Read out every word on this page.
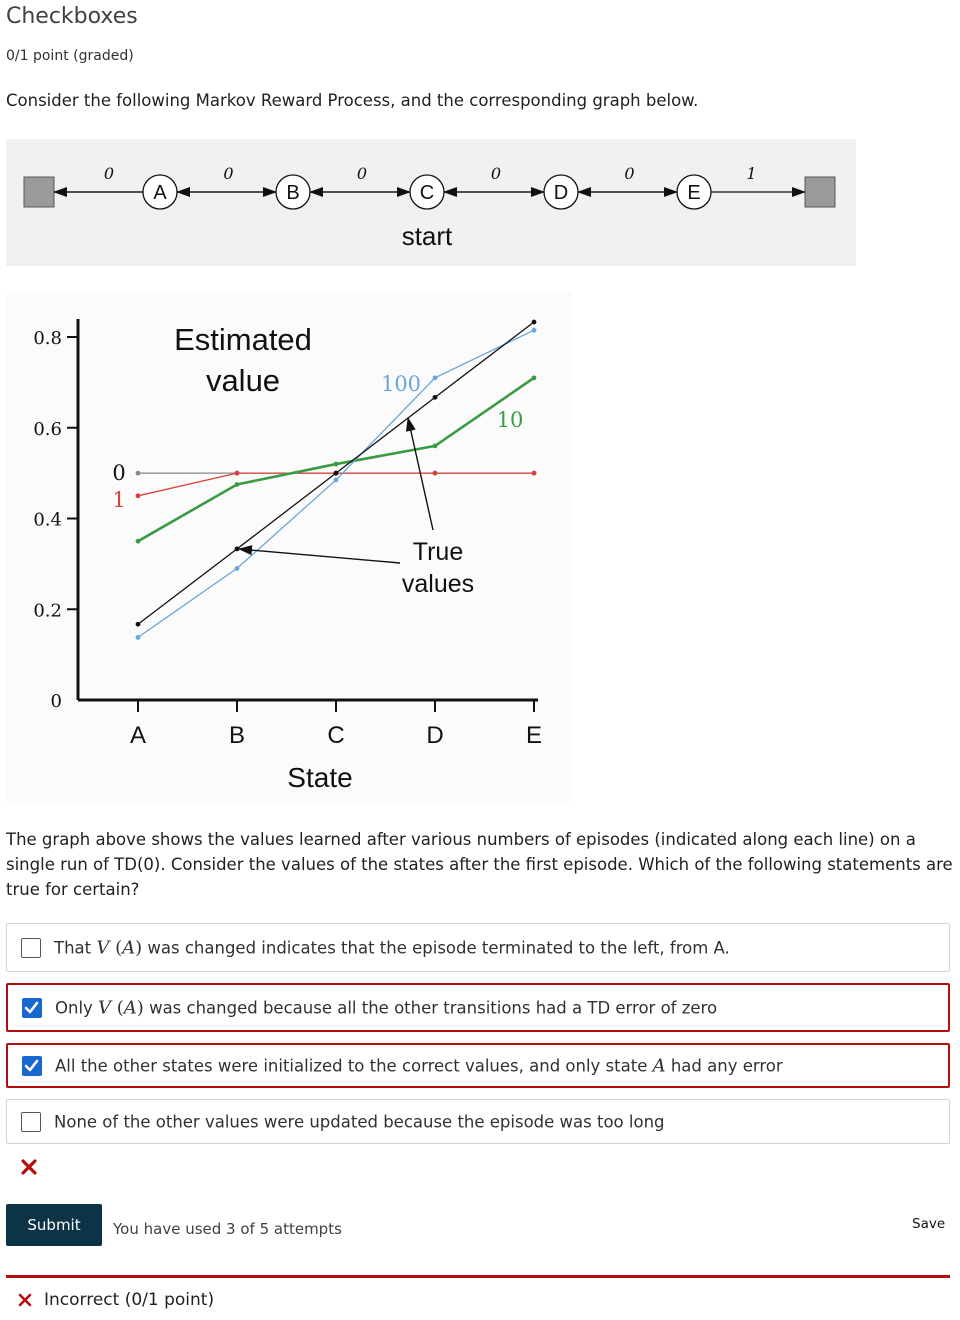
Checkboxes
0/1 point (graded)
Consider the following Markov Reward Process, and the corresponding graph below.
0	0	0	0	0	1
A	B	C	D	E
start
0
0.2
0.4
0.6
0.8
A	B	C	D	E
State
0
1
100
10
Estimated value
True values
The graph above shows the values learned after various numbers of episodes (indicated along each line) on a single run of TD(0). Consider the values of the states after the first episode. Which of the following statements are true for certain?
That V (A) was changed indicates that the episode terminated to the left, from A.
Only V (A) was changed because all the other transitions had a TD error of zero
All the other states were initialized to the correct values, and only state A had any error
None of the other values were updated because the episode was too long
Submit	You have used 3 of 5 attempts	Save
Incorrect (0/1 point)
